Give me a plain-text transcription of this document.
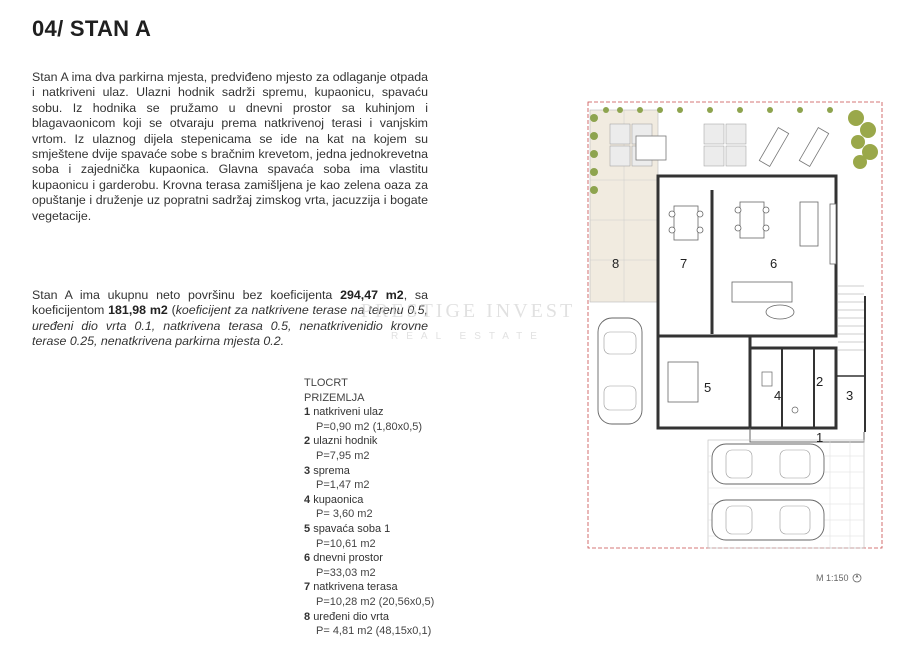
04/ STAN A
Stan A ima dva parkirna mjesta, predviđeno mjesto za odlaganje otpada i natkriveni ulaz. Ulazni hodnik sadrži spremu, kupaonicu, spavaću sobu. Iz hodnika se pružamo u dnevni prostor sa kuhinjom i blagavaonicom koji se otvaraju prema natkrivenoj terasi i vanjskim vrtom. Iz ulaznog dijela stepenicama se ide na kat na kojem su smještene dvije spavaće sobe s bračnim krevetom, jedna jednokrevetna soba i zajednička kupaonica. Glavna spavaća soba ima vlastitu kupaonicu i garderobu. Krovna terasa zamišljena je kao zelena oaza za opuštanje i druženje uz popratni sadržaj zimskog vrta, jacuzzija i bogate vegetacije.
Stan A ima ukupnu neto površinu bez koeficijenta 294,47 m2, sa koeficijentom 181,98 m2 (koeficijent za natkrivene terase na terenu 0.5, uređeni dio vrta 0.1, natkrivena terasa 0.5, nenatkrivenidio krovne terase 0.25, nenatkrivena parkirna mjesta 0.2.
TLOCRT
PRIZEMLJA
1 natkriveni ulaz
P=0,90 m2 (1,80x0,5)
2 ulazni hodnik
P=7,95 m2
3 sprema
P=1,47 m2
4 kupaonica
P= 3,60 m2
5 spavaća soba 1
P=10,61 m2
6 dnevni prostor
P=33,03 m2
7 natkrivena terasa
P=10,28 m2 (20,56x0,5)
8 uređeni dio vrta
P= 4,81 m2 (48,15x0,1)
PRESTIGE INVEST
REAL ESTATE
8	7	6
5
4
2
3
1
M 1:150
